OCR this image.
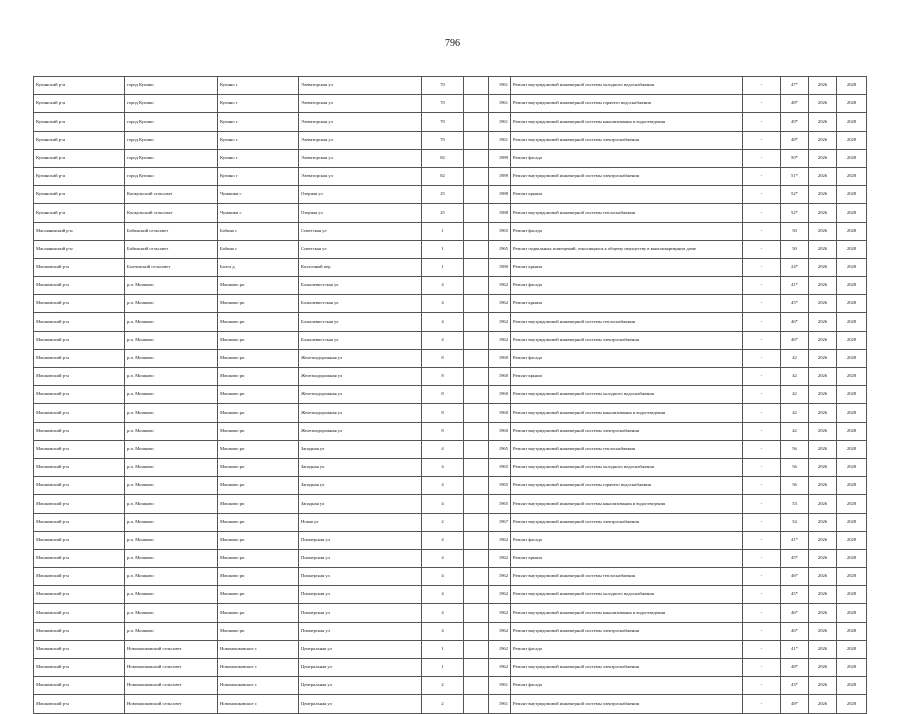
796
Купинский р-н	город Купино	Купино г	Элеваторская ул	70		1961	Ремонт внутридомовой инженерной системы холодного водоснабжения	-	47*	2026	2028
Купинский р-н	город Купино	Купино г	Элеваторская ул	70		1961	Ремонт внутридомовой инженерной системы горячего водоснабжения	-	48*	2026	2028
Купинский р-н	город Купино	Купино г	Элеваторская ул	70		1961	Ремонт внутридомовой инженерной системы канализования и водоотведения	-	49*	2026	2028
Купинский р-н	город Купино	Купино г	Элеваторская ул	70		1961	Ремонт внутридомовой инженерной системы электроснабжения	-	48*	2026	2028
Купинский р-н	город Купино	Купино г	Элеваторская ул	82		1989	Ремонт фасада	-	50*	2026	2028
Купинский р-н	город Купино	Купино г	Элеваторская ул	82		1989	Ремонт внутридомовой инженерной системы электроснабжения	-	51*	2026	2028
Купинский р-н	Копкульский сельсовет	Чумашки с	Озерная ул	25		1988	Ремонт крыши	-	52*	2026	2028
Купинский р-н	Копкульский сельсовет	Чумашки с	Озерная ул	25		1988	Ремонт внутридомовой инженерной системы теплоснабжения	-	52*	2026	2028
Маслянинский р-н	Бабинский сельсовет	Бабина с	Советская ул	1		1965	Ремонт фасада	-	50	2026	2028
Маслянинский р-н	Бабинский сельсовет	Бабина с	Советская ул	1		1965	Ремонт подвальных помещений, относящихся к общему имуществу в многоквартирном доме	-	50	2026	2028
Мошковский р-н	Балтинский сельсовет	Балта д	Колхозный пер	1		1980	Ремонт крыши	-	24*	2026	2028
Мошковский р-н	р.п. Мошково	Мошково рп	Большевистская ул	4		1962	Ремонт фасада	-	41*	2026	2028
Мошковский р-н	р.п. Мошково	Мошково рп	Большевистская ул	4		1962	Ремонт крыши	-	45*	2026	2028
Мошковский р-н	р.п. Мошково	Мошково рп	Большевистская ул	4		1962	Ремонт внутридомовой инженерной системы теплоснабжения	-	46*	2026	2028
Мошковский р-н	р.п. Мошково	Мошково рп	Большевистская ул	4		1962	Ремонт внутридомовой инженерной системы электроснабжения	-	46*	2026	2028
Мошковский р-н	р.п. Мошково	Мошково рп	Железнодорожная ул	8		1960	Ремонт фасада	-	42	2026	2028
Мошковский р-н	р.п. Мошково	Мошково рп	Железнодорожная ул	8		1960	Ремонт крыши	-	42	2026	2028
Мошковский р-н	р.п. Мошково	Мошково рп	Железнодорожная ул	8		1960	Ремонт внутридомовой инженерной системы холодного водоснабжения	-	42	2026	2028
Мошковский р-н	р.п. Мошково	Мошково рп	Железнодорожная ул	8		1960	Ремонт внутридомовой инженерной системы канализования и водоотведения	-	42	2026	2028
Мошковский р-н	р.п. Мошково	Мошково рп	Железнодорожная ул	8		1960	Ремонт внутридомовой инженерной системы электроснабжения	-	42	2026	2028
Мошковский р-н	р.п. Мошково	Мошково рп	Западная ул	4		1965	Ремонт внутридомовой инженерной системы теплоснабжения	-	56	2026	2028
Мошковский р-н	р.п. Мошково	Мошково рп	Западная ул	4		1965	Ремонт внутридомовой инженерной системы холодного водоснабжения	-	56	2026	2028
Мошковский р-н	р.п. Мошково	Мошково рп	Западная ул	4		1965	Ремонт внутридомовой инженерной системы горячего водоснабжения	-	56	2026	2028
Мошковский р-н	р.п. Мошково	Мошково рп	Западная ул	4		1965	Ремонт внутридомовой инженерной системы канализования и водоотведения	-	53	2026	2028
Мошковский р-н	р.п. Мошково	Мошково рп	Новая ул	2		1967	Ремонт внутридомовой инженерной системы электроснабжения	-	54	2026	2028
Мошковский р-н	р.п. Мошково	Мошково рп	Пионерская ул	4		1962	Ремонт фасада	-	41*	2026	2028
Мошковский р-н	р.п. Мошково	Мошково рп	Пионерская ул	4		1962	Ремонт крыши	-	45*	2026	2028
Мошковский р-н	р.п. Мошково	Мошково рп	Пионерская ул	4		1962	Ремонт внутридомовой инженерной системы теплоснабжения	-	46*	2026	2028
Мошковский р-н	р.п. Мошково	Мошково рп	Пионерская ул	4		1962	Ремонт внутридомовой инженерной системы холодного водоснабжения	-	45*	2026	2028
Мошковский р-н	р.п. Мошково	Мошково рп	Пионерская ул	4		1962	Ремонт внутридомовой инженерной системы канализования и водоотведения	-	46*	2026	2028
Мошковский р-н	р.п. Мошково	Мошково рп	Пионерская ул	4		1962	Ремонт внутридомовой инженерной системы электроснабжения	-	46*	2026	2028
Мошковский р-н	Новомошковский сельсовет	Новомошковское с	Центральная ул	1		1962	Ремонт фасада	-	41*	2026	2028
Мошковский р-н	Новомошковский сельсовет	Новомошковское с	Центральная ул	1		1962	Ремонт внутридомовой инженерной системы электроснабжения	-	48*	2026	2028
Мошковский р-н	Новомошковский сельсовет	Новомошковское с	Центральная ул	2		1961	Ремонт фасада	-	43*	2026	2028
Мошковский р-н	Новомошковский сельсовет	Новомошковское с	Центральная ул	2		1961	Ремонт внутридомовой инженерной системы электроснабжения	-	48*	2026	2028
